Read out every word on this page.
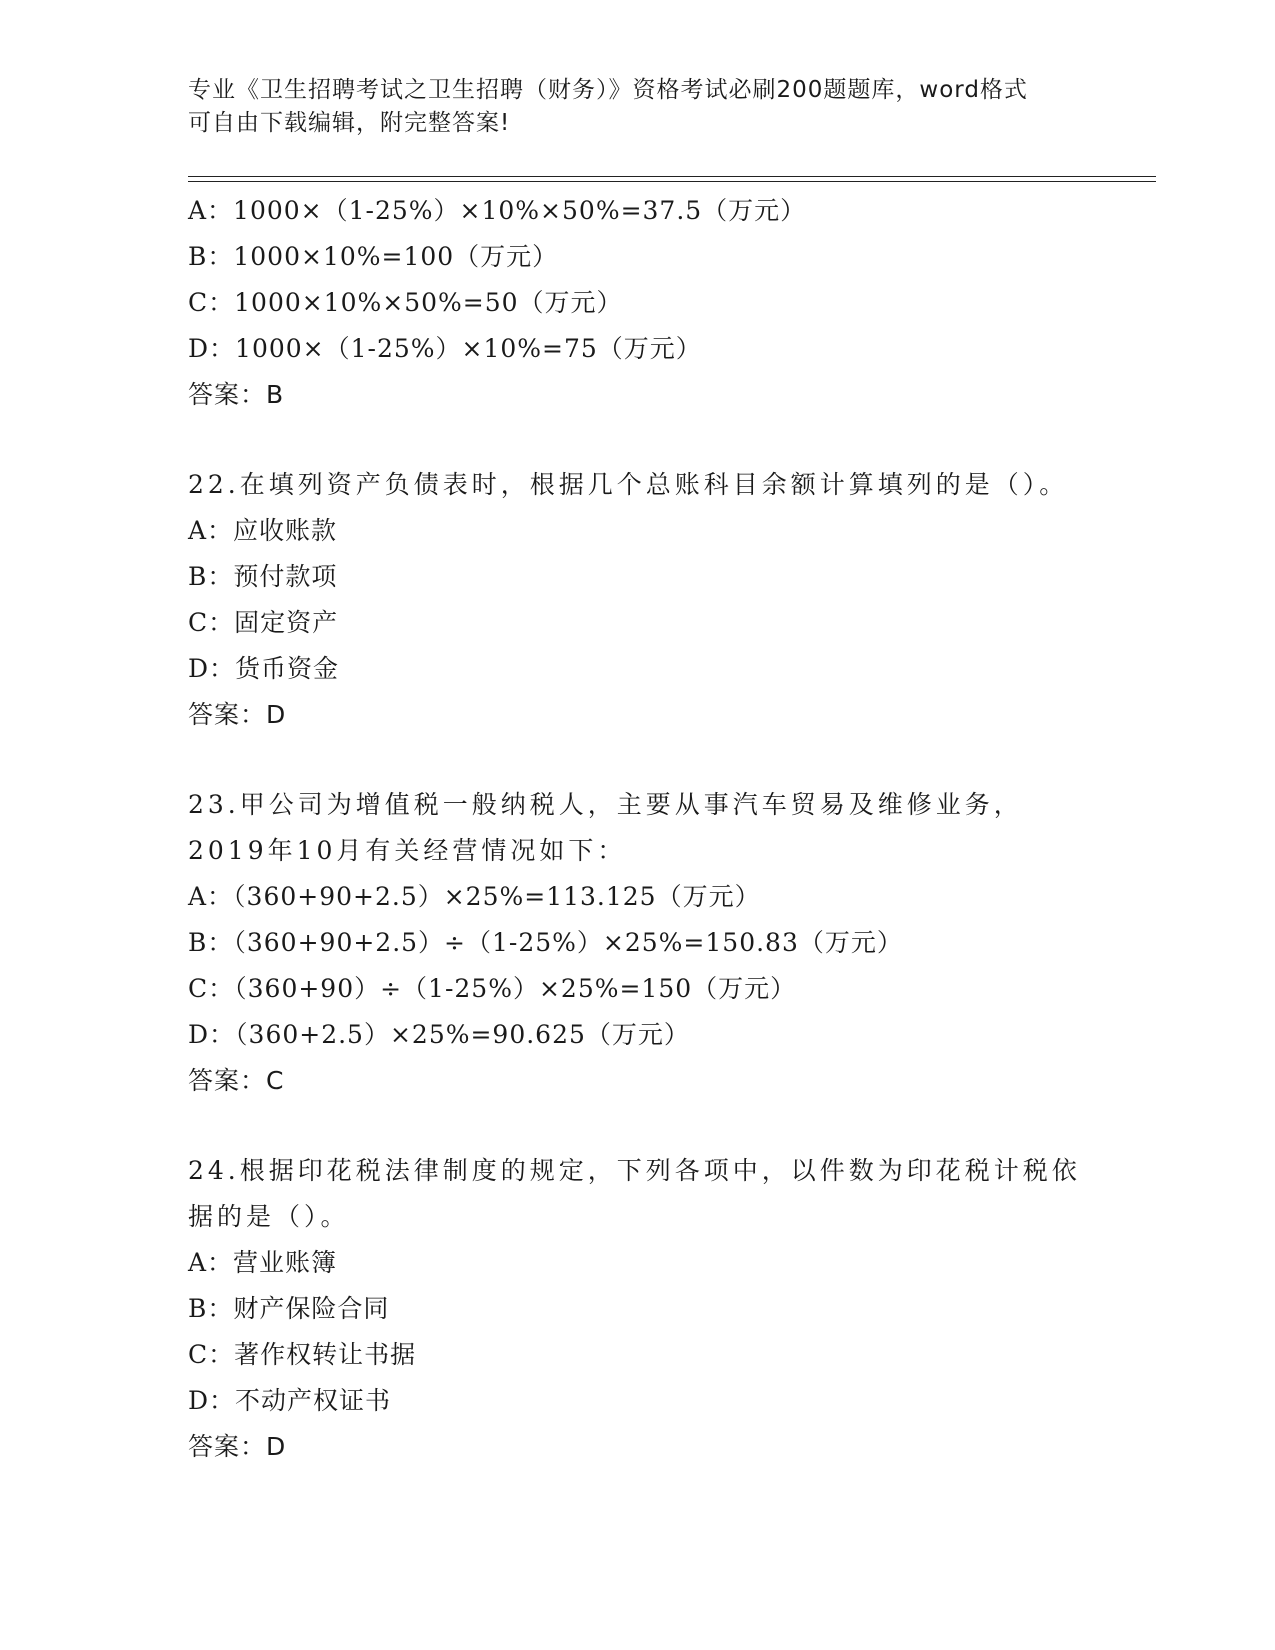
专业《卫生招聘考试之卫生招聘（财务）》资格考试必刷200题题库，word格式
可自由下载编辑，附完整答案!
A：1000×（1-25%）×10%×50%=37.5（万元）
B：1000×10%=100（万元）
C：1000×10%×50%=50（万元）
D：1000×（1-25%）×10%=75（万元）
答案：B
22.在填列资产负债表时，根据几个总账科目余额计算填列的是（）。
A：应收账款
B：预付款项
C：固定资产
D：货币资金
答案：D
23.甲公司为增值税一般纳税人，主要从事汽车贸易及维修业务，2019年10月有关经营情况如下：
A：（360+90+2.5）×25%=113.125（万元）
B：（360+90+2.5）÷（1-25%）×25%=150.83（万元）
C：（360+90）÷（1-25%）×25%=150（万元）
D：（360+2.5）×25%=90.625（万元）
答案：C
24.根据印花税法律制度的规定，下列各项中，以件数为印花税计税依据的是（）。
A：营业账簿
B：财产保险合同
C：著作权转让书据
D：不动产权证书
答案：D
